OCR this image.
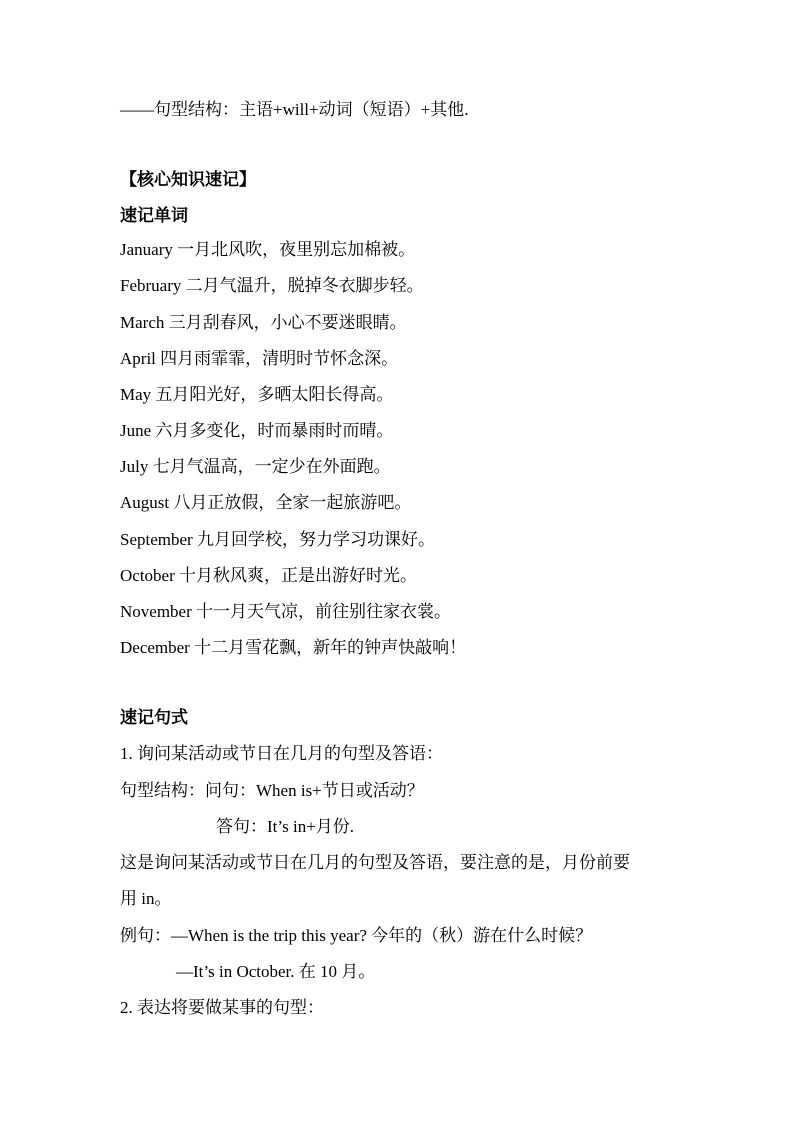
——句型结构：主语+will+动词（短语）+其他.
【核心知识速记】
速记单词
January 一月北风吹，夜里别忘加棉被。
February 二月气温升，脱掉冬衣脚步轻。
March 三月刮春风，小心不要迷眼睛。
April 四月雨霏霏，清明时节怀念深。
May 五月阳光好，多晒太阳长得高。
June 六月多变化，时而暴雨时而晴。
July 七月气温高，一定少在外面跑。
August 八月正放假，全家一起旅游吧。
September 九月回学校，努力学习功课好。
October 十月秋风爽，正是出游好时光。
November 十一月天气凉，前往别往家衣裳。
December 十二月雪花飘，新年的钟声快敲响！
速记句式
1. 询问某活动或节日在几月的句型及答语：
句型结构：问句：When is+节日或活动？
答句：It’s in+月份.
这是询问某活动或节日在几月的句型及答语，要注意的是，月份前要
用 in。
例句：—When is the trip this year? 今年的（秋）游在什么时候？
—It’s in October. 在 10 月。
2. 表达将要做某事的句型：
